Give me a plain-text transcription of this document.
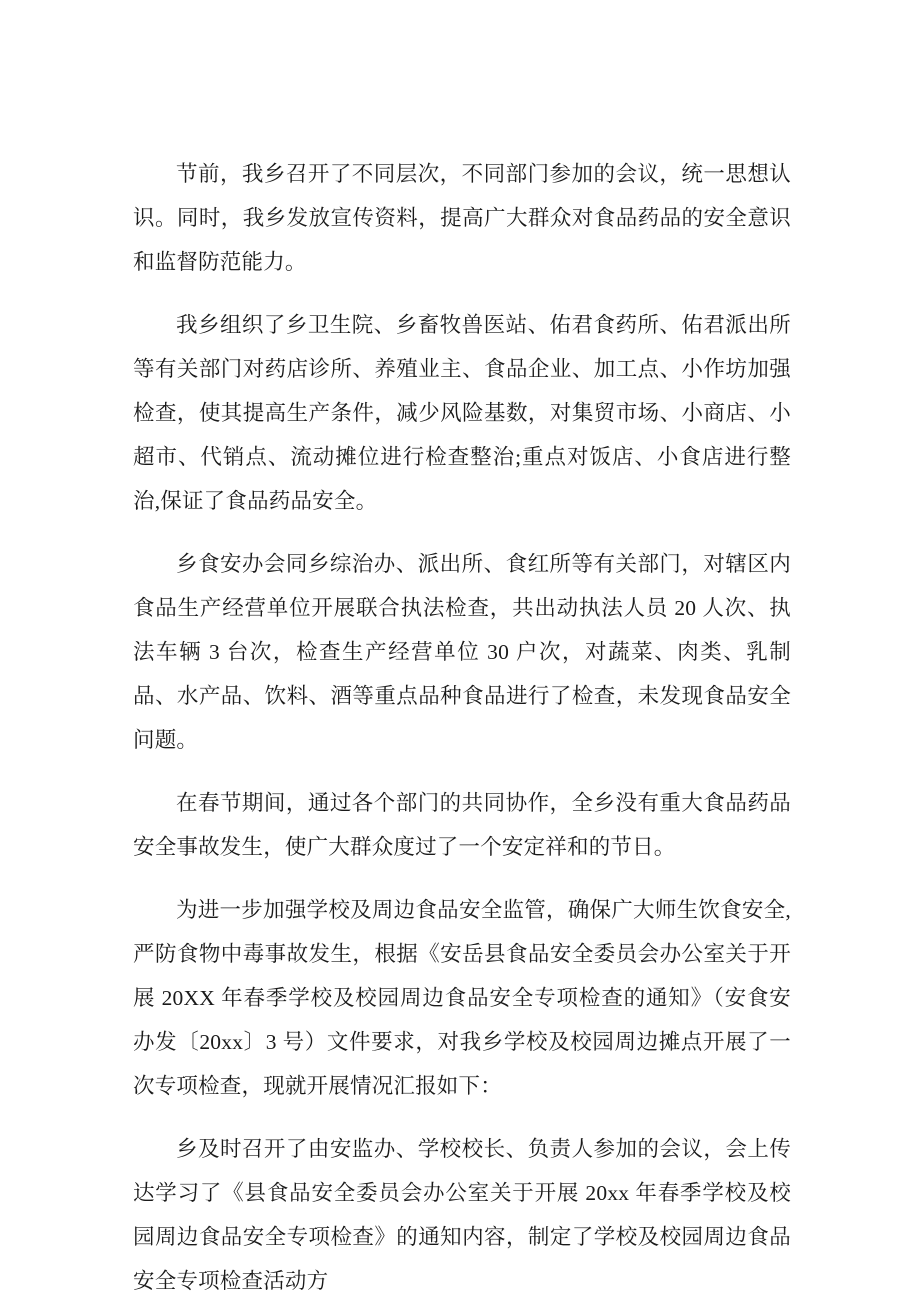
节前，我乡召开了不同层次，不同部门参加的会议，统一思想认识。同时，我乡发放宣传资料，提高广大群众对食品药品的安全意识和监督防范能力。

我乡组织了乡卫生院、乡畜牧兽医站、佑君食药所、佑君派出所等有关部门对药店诊所、养殖业主、食品企业、加工点、小作坊加强检查，使其提高生产条件，减少风险基数，对集贸市场、小商店、小超市、代销点、流动摊位进行检查整治;重点对饭店、小食店进行整治,保证了食品药品安全。

乡食安办会同乡综治办、派出所、食红所等有关部门，对辖区内食品生产经营单位开展联合执法检查，共出动执法人员 20 人次、执法车辆 3 台次，检查生产经营单位 30 户次，对蔬菜、肉类、乳制品、水产品、饮料、酒等重点品种食品进行了检查，未发现食品安全问题。

在春节期间，通过各个部门的共同协作，全乡没有重大食品药品安全事故发生，使广大群众度过了一个安定祥和的节日。

为进一步加强学校及周边食品安全监管，确保广大师生饮食安全,严防食物中毒事故发生，根据《安岳县食品安全委员会办公室关于开展 20XX 年春季学校及校园周边食品安全专项检查的通知》（安食安办发〔20xx〕3 号）文件要求，对我乡学校及校园周边摊点开展了一次专项检查，现就开展情况汇报如下：

乡及时召开了由安监办、学校校长、负责人参加的会议，会上传达学习了《县食品安全委员会办公室关于开展 20xx 年春季学校及校园周边食品安全专项检查》的通知内容，制定了学校及校园周边食品安全专项检查活动方
